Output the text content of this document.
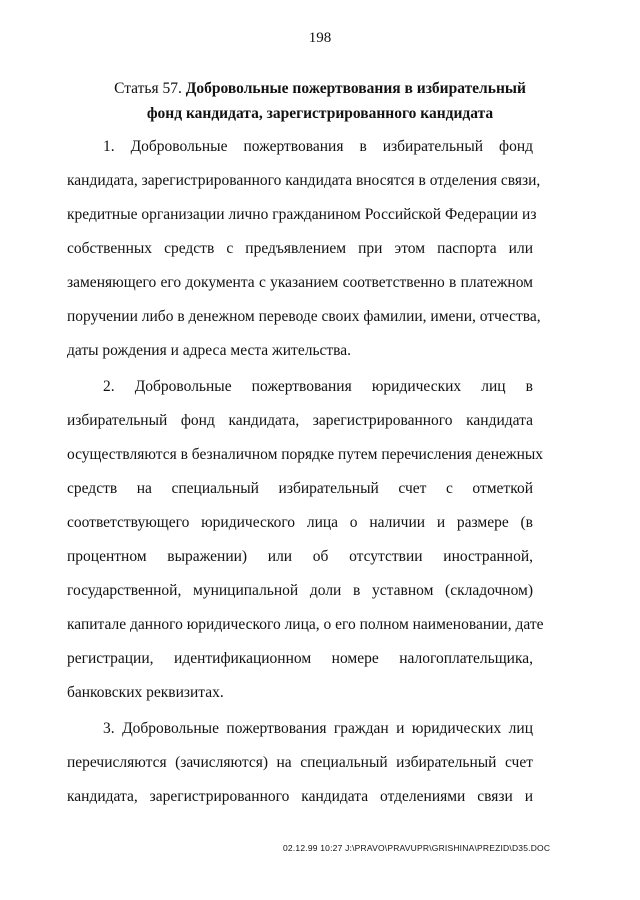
198
Статья 57. Добровольные пожертвования в избирательный
фонд кандидата, зарегистрированного кандидата
1. Добровольные пожертвования в избирательный фонд
кандидата, зарегистрированного кандидата вносятся в отделения связи,
кредитные организации лично гражданином Российской Федерации из
собственных средств с предъявлением при этом паспорта или
заменяющего его документа с указанием соответственно в платежном
поручении либо в денежном переводе своих фамилии, имени, отчества,
даты рождения и адреса места жительства.
2. Добровольные пожертвования юридических лиц в
избирательный фонд кандидата, зарегистрированного кандидата
осуществляются в безналичном порядке путем перечисления денежных
средств на специальный избирательный счет с отметкой
соответствующего юридического лица о наличии и размере (в
процентном выражении) или об отсутствии иностранной,
государственной, муниципальной доли в уставном (складочном)
капитале данного юридического лица, о его полном наименовании, дате
регистрации, идентификационном номере налогоплательщика,
банковских реквизитах.
3. Добровольные пожертвования граждан и юридических лиц
перечисляются (зачисляются) на специальный избирательный счет
кандидата, зарегистрированного кандидата отделениями связи и
02.12.99 10:27 J:\PRAVO\PRAVUPR\GRISHINA\PREZID\D35.DOC
